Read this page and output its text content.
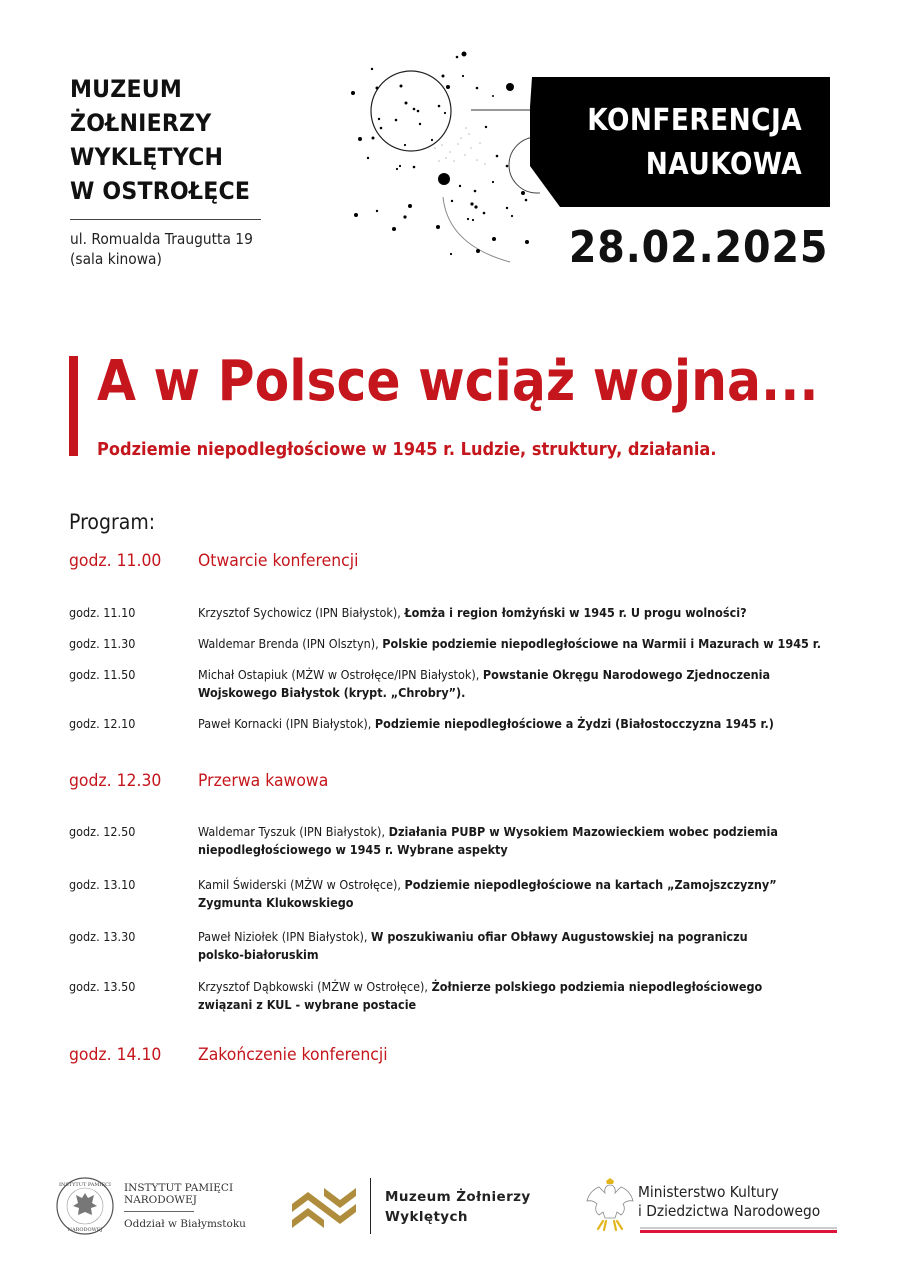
MUZEUM
ŻOŁNIERZY
WYKLĘTYCH
W OSTROŁĘCE
ul. Romualda Traugutta 19
(sala kinowa)
KONFERENCJA
NAUKOWA
28.02.2025
A w Polsce wciąż wojna...
Podziemie niepodległościowe w 1945 r. Ludzie, struktury, działania.
Program:
godz. 11.00	Otwarcie konferencji
godz. 11.10	Krzysztof Sychowicz (IPN Białystok), Łomża i region łomżyński w 1945 r. U progu wolności?
godz. 11.30	Waldemar Brenda (IPN Olsztyn), Polskie podziemie niepodległościowe na Warmii i Mazurach w 1945 r.
godz. 11.50	Michał Ostapiuk (MŻW w Ostrołęce/IPN Białystok), Powstanie Okręgu Narodowego Zjednoczenia
Wojskowego Białystok (krypt. „Chrobry”).
godz. 12.10	Paweł Kornacki (IPN Białystok), Podziemie niepodległościowe a Żydzi (Białostocczyzna 1945 r.)
godz. 12.30	Przerwa kawowa
godz. 12.50	Waldemar Tyszuk (IPN Białystok), Działania PUBP w Wysokiem Mazowieckiem wobec podziemia
niepodległościowego w 1945 r. Wybrane aspekty
godz. 13.10	Kamil Świderski (MŻW w Ostrołęce), Podziemie niepodległościowe na kartach „Zamojszczyzny”
Zygmunta Klukowskiego
godz. 13.30	Paweł Niziołek (IPN Białystok), W poszukiwaniu ofiar Obławy Augustowskiej na pograniczu
polsko-białoruskim
godz. 13.50	Krzysztof Dąbkowski (MŻW w Ostrołęce), Żołnierze polskiego podziemia niepodległościowego
związani z KUL - wybrane postacie
godz. 14.10	Zakończenie konferencji
INSTYTUT PAMIĘCI
NARODOWEJ
INSTYTUT PAMIĘCI
NARODOWEJ
Oddział w Białymstoku
Muzeum Żołnierzy
Wyklętych
Ministerstwo Kultury
i Dziedzictwa Narodowego
